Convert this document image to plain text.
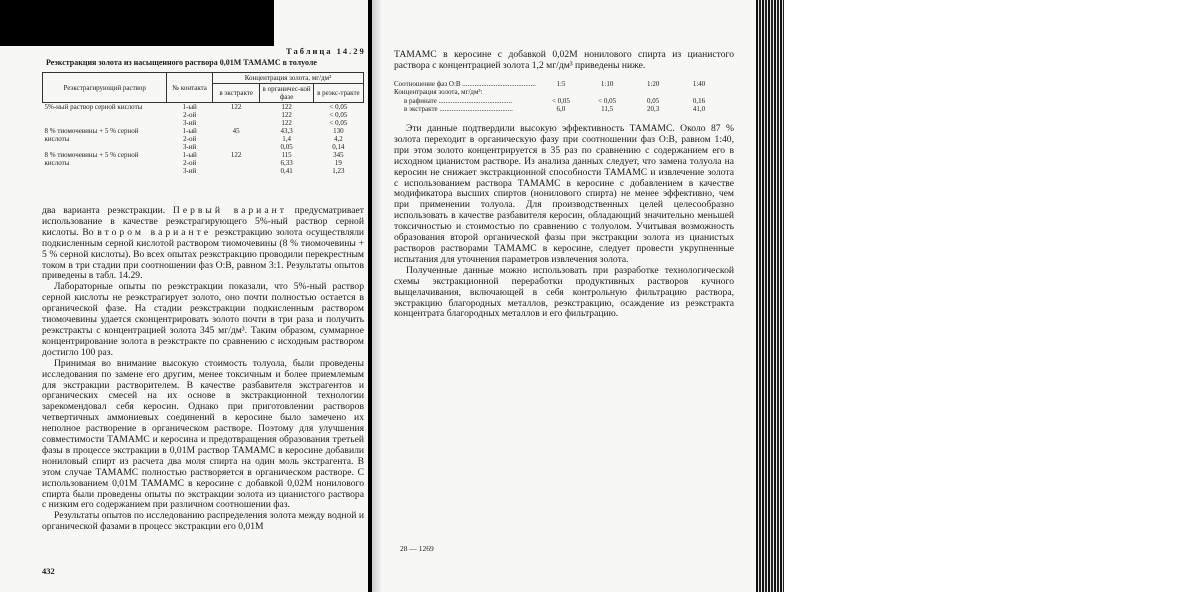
Таблица 14.29
Реэкстракция золота из насыщенного раствора 0,01М ТАМАМС в толуоле
Реэкстрагирующий раствор	№ контакта	Концентрация золота, мг/дм³		
		в экстракте	в органичес-кой фазе	в реэкс-тракте
5%-ный раствор серной кислоты	1-ый	122	122	< 0,05
	2-ой		122	< 0,05
	3-ий		122	< 0,05
8 % тиомочевины + 5 % серной	1-ый	45	43,3	130
кислоты	2-ой		1,4	4,2
	3-ий		0,05	0,14
8 % тиомочевины + 5 % серной	1-ый	122	115	345
кислоты	2-ой		6,33	19
	3-ий		0,41	1,23

два варианта реэкстракции. Первый вариант предусматривает использование в качестве реэкстрагирующего 5%-ный раствор серной кислоты. Во втором варианте реэкстракцию золота осуществляли подкисленным серной кислотой раствором тиомочевины (8 % тиомочевины + 5 % серной кислоты). Во всех опытах реэкстракцию проводили перекрестным током в три стадии при соотношении фаз О:В, равном 3:1. Результаты опытов приведены в табл. 14.29.

Лабораторные опыты по реэкстракции показали, что 5%-ный раствор серной кислоты не реэкстрагирует золото, оно почти полностью остается в органической фазе. На стадии реэкстракции подкисленным раствором тиомочевины удается сконцентрировать золото почти в три раза и получить реэкстракты с концентрацией золота 345 мг/дм³. Таким образом, суммарное концентрирование золота в реэкстракте по сравнению с исходным раствором достигло 100 раз.

Принимая во внимание высокую стоимость толуола, были проведены исследования по замене его другим, менее токсичным и более приемлемым для экстракции растворителем. В качестве разбавителя экстрагентов и органических смесей на их основе в экстракционной технологии зарекомендовал себя керосин. Однако при приготовлении растворов четвертичных аммониевых соединений в керосине было замечено их неполное растворение в органическом растворе. Поэтому для улучшения совместимости ТАМАМС и керосина и предотвращения образования третьей фазы в процессе экстракции в 0,01М раствор ТАМАМС в керосине добавили нониловый спирт из расчета два моля спирта на один моль экстрагента. В этом случае ТАМАМС полностью растворяется в органическом растворе. С использованием 0,01М ТАМАМС в керосине с добавкой 0,02М нонилового спирта были проведены опыты по экстракции золота из цианистого раствора с низким его содержанием при различном соотношении фаз.

Результаты опытов по исследованию распределения золота между водной и органической фазами в процесс экстракции его 0,01М

432

ТАМАМС в керосине с добавкой 0,02М нонилового спирта из цианистого раствора с концентрацией золота 1,2 мг/дм³ приведены ниже.

Соотношение фаз О:В ..........................................	1:5	1:10	1:20	1:40
Концентрация золота, мг/дм³:				
в рафинате ..........................................	< 0,05	< 0,05	0,05	0,16
в экстракте ..........................................	6,0	11,5	20,3	41,0

Эти данные подтвердили высокую эффективность ТАМАМС. Около 87 % золота переходит в органическую фазу при соотношении фаз О:В, равном 1:40, при этом золото концентрируется в 35 раз по сравнению с содержанием его в исходном цианистом растворе. Из анализа данных следует, что замена толуола на керосин не снижает экстракционной способности ТАМАМС и извлечение золота с использованием раствора ТАМАМС в керосине с добавлением в качестве модификатора высших спиртов (нонилового спирта) не менее эффективно, чем при применении толуола. Для производственных целей целесообразно использовать в качестве разбавителя керосин, обладающий значительно меньшей токсичностью и стоимостью по сравнению с толуолом. Учитывая возможность образования второй органической фазы при экстракции золота из цианистых растворов растворами ТАМАМС в керосине, следует провести укрупненные испытания для уточнения параметров извлечения золота.

Полученные данные можно использовать при разработке технологической схемы экстракционной переработки продуктивных растворов кучного выщелачивания, включающей в себя контрольную фильтрацию раствора, экстракцию благородных металлов, реэкстракцию, осаждение из реэкстракта концентрата благородных металлов и его фильтрацию.

28 — 1269
